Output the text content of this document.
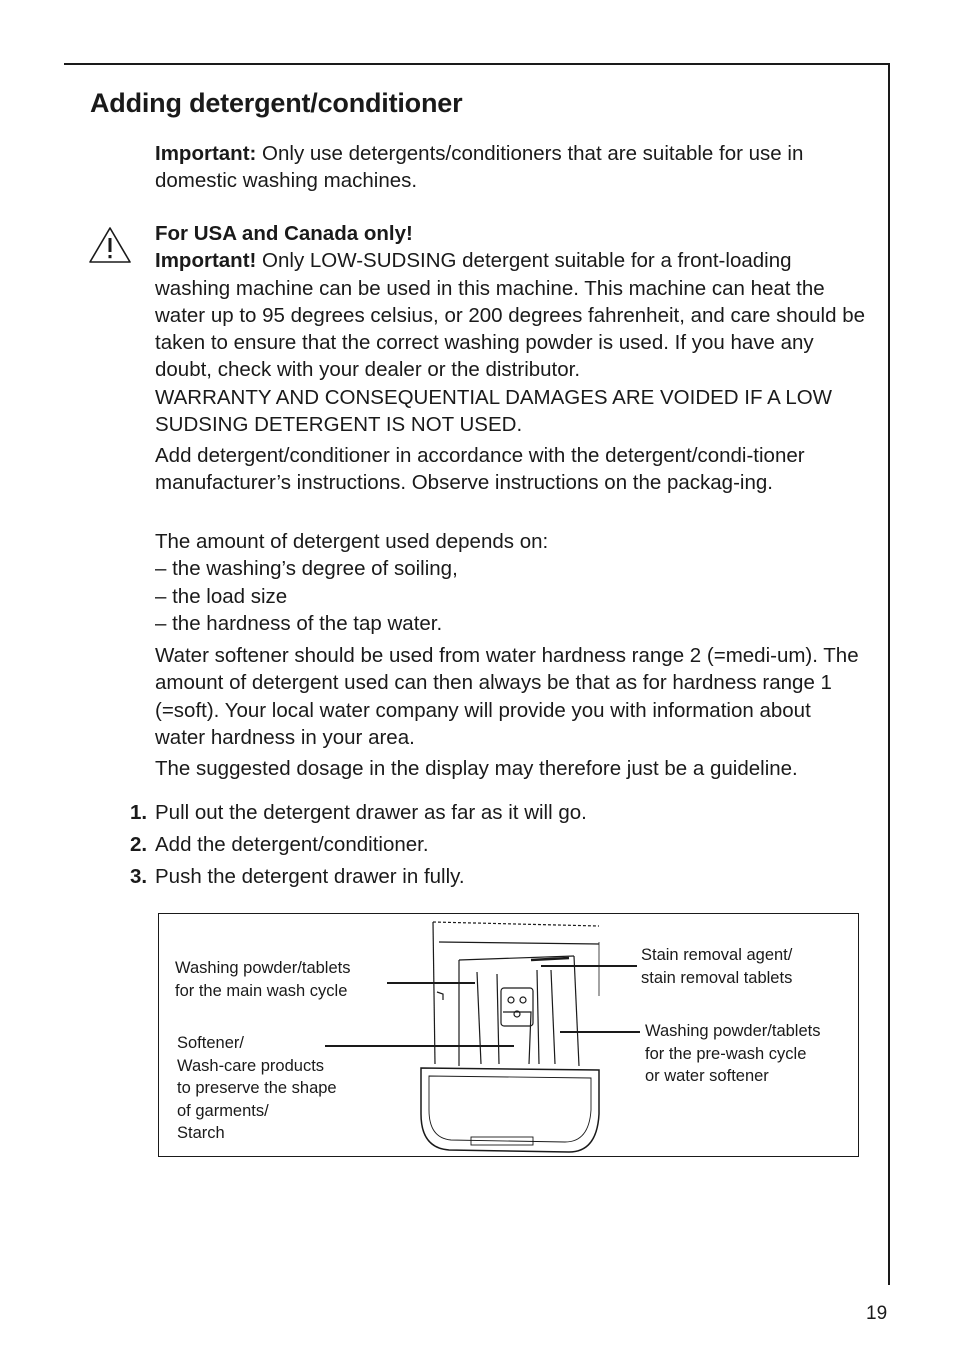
Adding detergent/conditioner

Important: Only use detergents/conditioners that are suitable for use in domestic washing machines.

For USA and Canada only!

Important! Only LOW-SUDSING detergent suitable for a front-loading washing machine can be used in this machine. This machine can heat the water up to 95 degrees celsius, or 200 degrees fahrenheit, and care should be taken to ensure that the correct washing powder is used. If you have any doubt, check with your dealer or the distributor.

WARRANTY AND CONSEQUENTIAL DAMAGES ARE VOIDED IF A LOW SUDSING DETERGENT IS NOT USED.

Add detergent/conditioner in accordance with the detergent/condi-tioner manufacturer’s instructions. Observe instructions on the packag-ing.

The amount of detergent used depends on:

– the washing’s degree of soiling,

– the load size

– the hardness of the tap water.

Water softener should be used from water hardness range 2 (=medi-um). The amount of detergent used can then always be that as for hardness range 1 (=soft). Your local water company will provide you with information about water hardness in your area.

The suggested dosage in the display may therefore just be a guideline.

1. Pull out the detergent drawer as far as it will go.
2. Add the detergent/conditioner.
3. Push the detergent drawer in fully.
Washing powder/tablets
for the main wash cycle
Softener/
Wash-care products
to preserve the shape
of garments/
Starch
Stain removal agent/
stain removal tablets
Washing powder/tablets
for the pre-wash cycle
or water softener
19
